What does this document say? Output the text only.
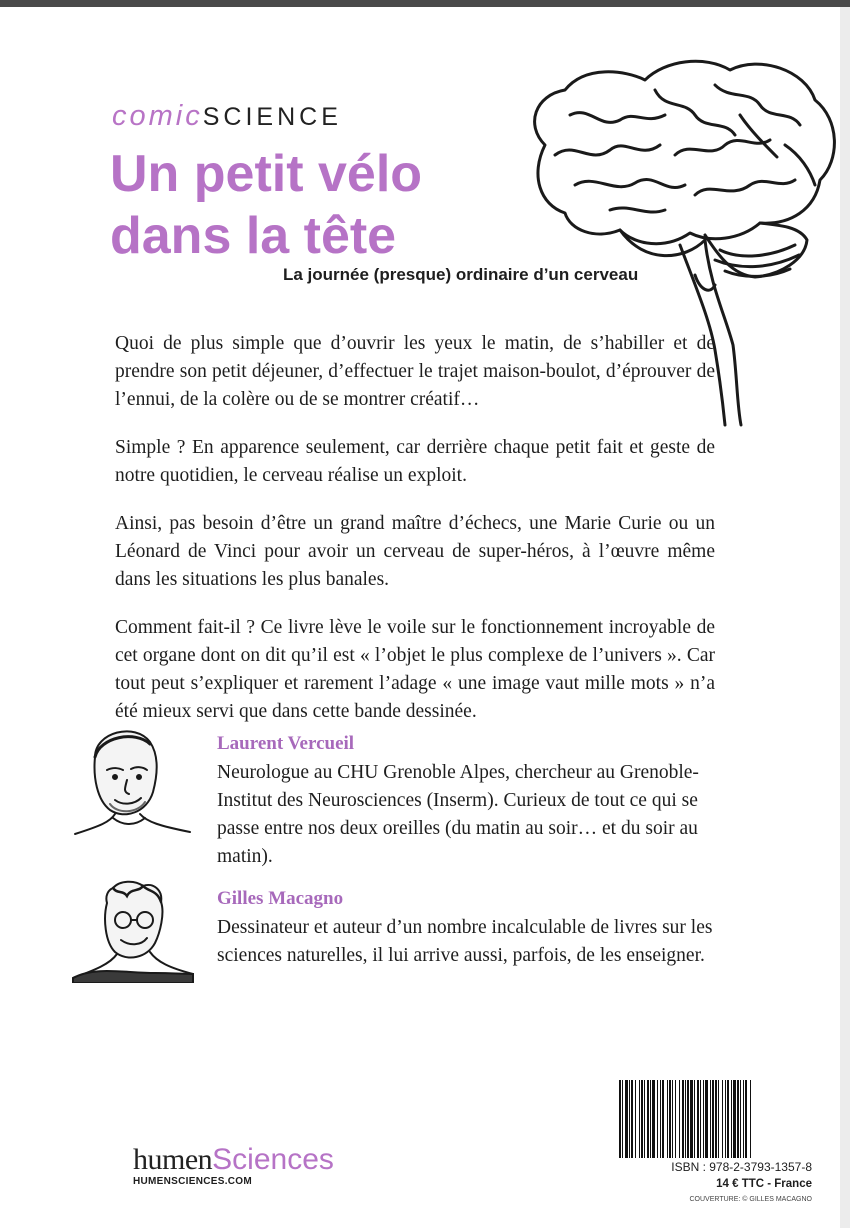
comicSCIENCE
Un petit vélo dans la tête
La journée (presque) ordinaire d’un cerveau

Quoi de plus simple que d’ouvrir les yeux le matin, de s’habiller et de prendre son petit déjeuner, d’effectuer le trajet maison-boulot, d’éprouver de l’ennui, de la colère ou de se montrer créatif…

Simple ? En apparence seulement, car derrière chaque petit fait et geste de notre quotidien, le cerveau réalise un exploit.

Ainsi, pas besoin d’être un grand maître d’échecs, une Marie Curie ou un Léonard de Vinci pour avoir un cerveau de super-héros, à l’œuvre même dans les situations les plus banales.

Comment fait-il ? Ce livre lève le voile sur le fonctionnement incroyable de cet organe dont on dit qu’il est « l’objet le plus complexe de l’univers ». Car tout peut s’expliquer et rarement l’adage « une image vaut mille mots » n’a été mieux servi que dans cette bande dessinée.

Laurent Vercueil
Neurologue au CHU Grenoble Alpes, chercheur au Grenoble-Institut des Neurosciences (Inserm). Curieux de tout ce qui se passe entre nos deux oreilles (du matin au soir… et du soir au matin).
Gilles Macagno
Dessinateur et auteur d’un nombre incalculable de livres sur les sciences naturelles, il lui arrive aussi, parfois, de les enseigner.
humenSciences
HUMENSCIENCES.COM
ISBN : 978-2-3793-1357-8
14 € TTC - France
COUVERTURE: © GILLES MACAGNO
